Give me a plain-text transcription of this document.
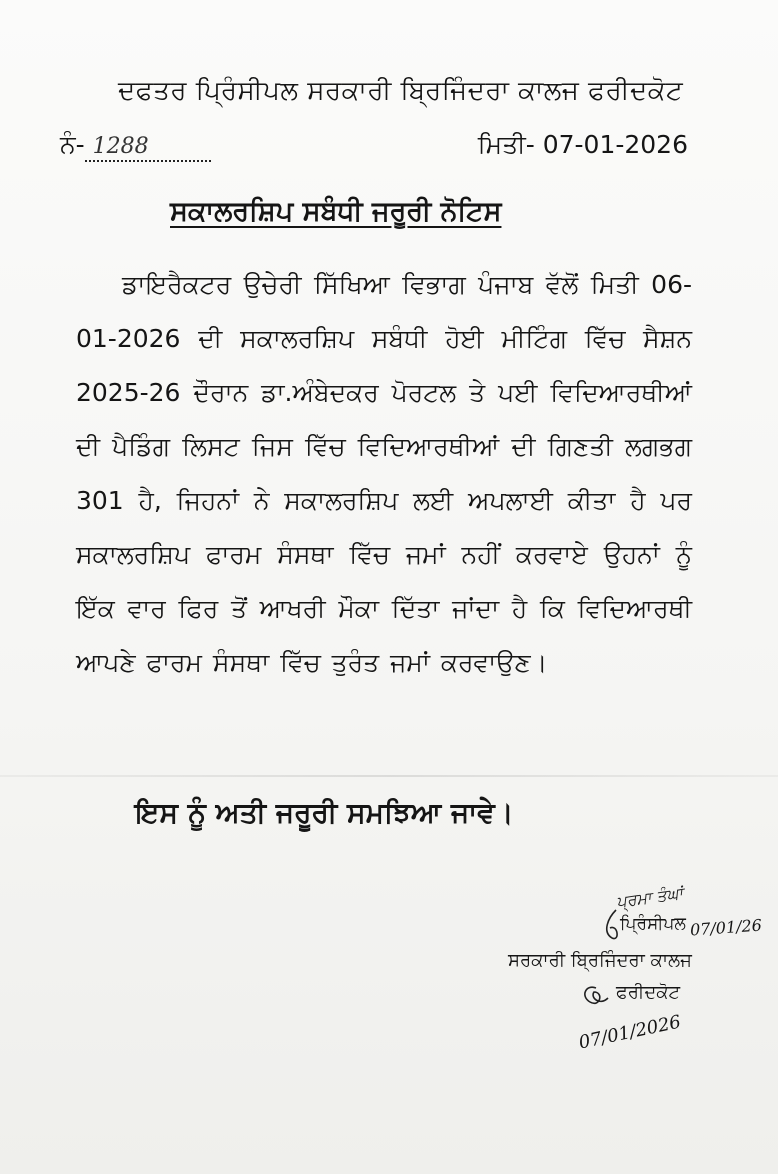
ਦਫਤਰ ਪ੍ਰਿੰਸੀਪਲ ਸਰਕਾਰੀ ਬ੍ਰਿਜਿੰਦਰਾ ਕਾਲਜ ਫਰੀਦਕੋਟ
ਨੰ- 1288	ਮਿਤੀ- 07-01-2026
ਸਕਾਲਰਸ਼ਿਪ ਸਬੰਧੀ ਜਰੂਰੀ ਨੋਟਿਸ
ਡਾਇਰੈਕਟਰ ਉਚੇਰੀ ਸਿੱਖਿਆ ਵਿਭਾਗ ਪੰਜਾਬ ਵੱਲੋਂ ਮਿਤੀ 06-01-2026 ਦੀ ਸਕਾਲਰਸ਼ਿਪ ਸਬੰਧੀ ਹੋਈ ਮੀਟਿੰਗ ਵਿੱਚ ਸੈਸ਼ਨ 2025-26 ਦੌਰਾਨ ਡਾ.ਅੰਬੇਦਕਰ ਪੋਰਟਲ ਤੇ ਪਈ ਵਿਦਿਆਰਥੀਆਂ ਦੀ ਪੈਡਿੰਗ ਲਿਸਟ ਜਿਸ ਵਿੱਚ ਵਿਦਿਆਰਥੀਆਂ ਦੀ ਗਿਣਤੀ ਲਗਭਗ 301 ਹੈ, ਜਿਹਨਾਂ ਨੇ ਸਕਾਲਰਸ਼ਿਪ ਲਈ ਅਪਲਾਈ ਕੀਤਾ ਹੈ ਪਰ ਸਕਾਲਰਸ਼ਿਪ ਫਾਰਮ ਸੰਸਥਾ ਵਿੱਚ ਜਮਾਂ ਨਹੀਂ ਕਰਵਾਏ ਉਹਨਾਂ ਨੂੰ ਇੱਕ ਵਾਰ ਫਿਰ ਤੋਂ ਆਖਰੀ ਮੌਕਾ ਦਿੱਤਾ ਜਾਂਦਾ ਹੈ ਕਿ ਵਿਦਿਆਰਥੀ ਆਪਣੇ ਫਾਰਮ ਸੰਸਥਾ ਵਿੱਚ ਤੁਰੰਤ ਜਮਾਂ ਕਰਵਾਉਣ।
ਇਸ ਨੂੰ ਅਤੀ ਜਰੂਰੀ ਸਮਝਿਆ ਜਾਵੇ।
ਪ੍ਰਮਾ ਤੰਘਾਂ
ਪ੍ਰਿੰਸੀਪਲ 07/01/26
ਸਰਕਾਰੀ ਬ੍ਰਿਜਿੰਦਰਾ ਕਾਲਜ
ਫਰੀਦਕੋਟ
07/01/2026
